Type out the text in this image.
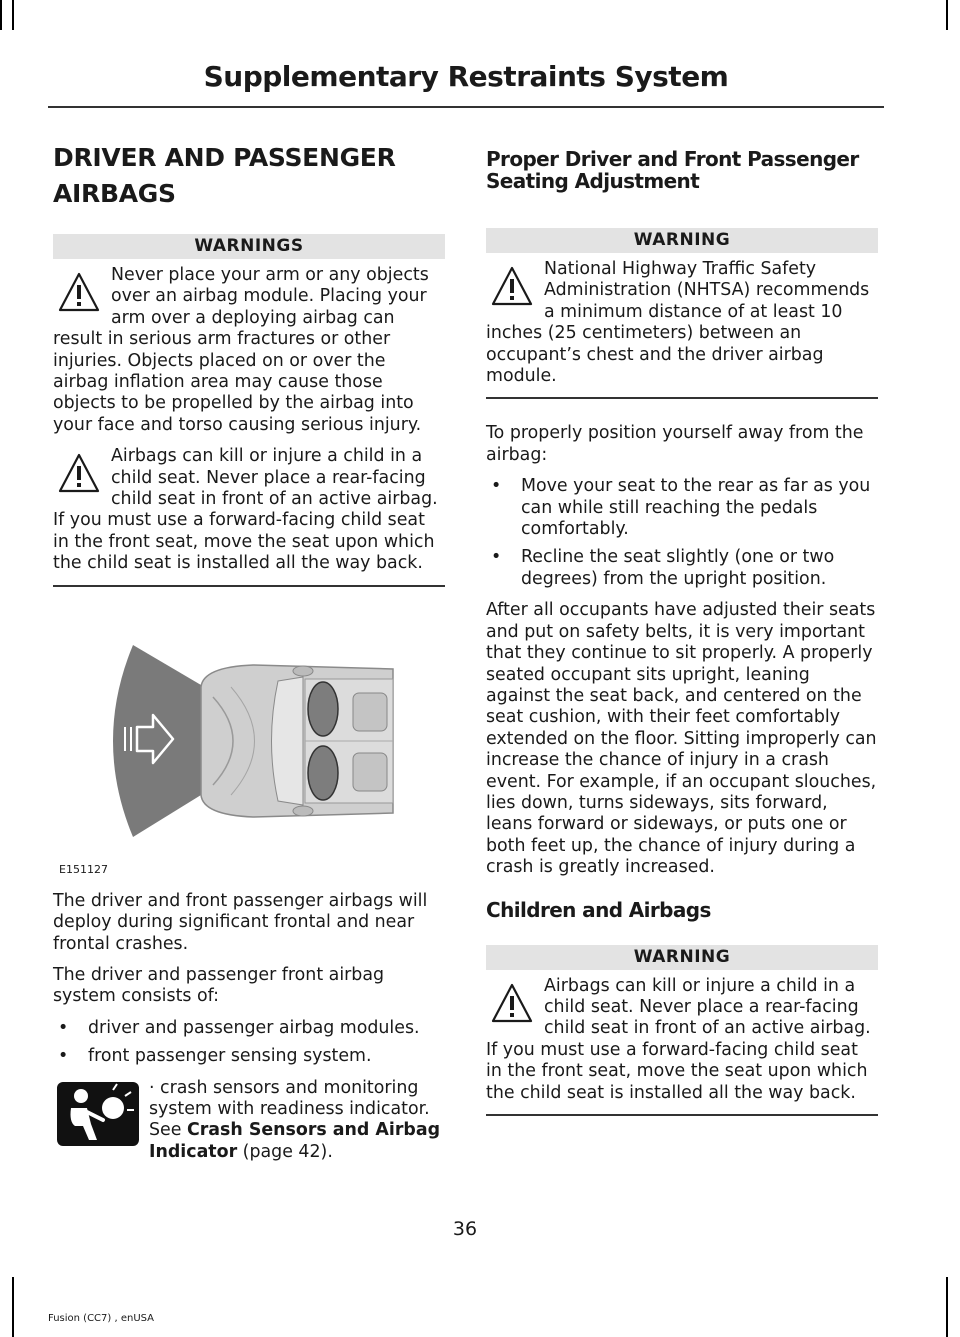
Supplementary Restraints System
DRIVER AND PASSENGER AIRBAGS
WARNINGS

Never place your arm or any objects over an airbag module. Placing your arm over a deploying airbag can result in serious arm fractures or other injuries. Objects placed on or over the airbag inflation area may cause those objects to be propelled by the airbag into your face and torso causing serious injury.

Airbags can kill or injure a child in a child seat. Never place a rear-facing child seat in front of an active airbag. If you must use a forward-facing child seat in the front seat, move the seat upon which the child seat is installed all the way back.

E151127

The driver and front passenger airbags will deploy during significant frontal and near frontal crashes.

The driver and passenger front airbag system consists of:

• driver and passenger airbag modules.
• front passenger sensing system.

· crash sensors and monitoring system with readiness indicator. See Crash Sensors and Airbag Indicator (page 42).

Proper Driver and Front Passenger Seating Adjustment
WARNING

National Highway Traffic Safety Administration (NHTSA) recommends a minimum distance of at least 10 inches (25 centimeters) between an occupant’s chest and the driver airbag module.

To properly position yourself away from the airbag:

• Move your seat to the rear as far as you can while still reaching the pedals comfortably.
• Recline the seat slightly (one or two degrees) from the upright position.

After all occupants have adjusted their seats and put on safety belts, it is very important that they continue to sit properly. A properly seated occupant sits upright, leaning against the seat back, and centered on the seat cushion, with their feet comfortably extended on the floor. Sitting improperly can increase the chance of injury in a crash event. For example, if an occupant slouches, lies down, turns sideways, sits forward, leans forward or sideways, or puts one or both feet up, the chance of injury during a crash is greatly increased.

Children and Airbags
WARNING

Airbags can kill or injure a child in a child seat. Never place a rear-facing child seat in front of an active airbag. If you must use a forward-facing child seat in the front seat, move the seat upon which the child seat is installed all the way back.

36
Fusion (CC7) , enUSA
